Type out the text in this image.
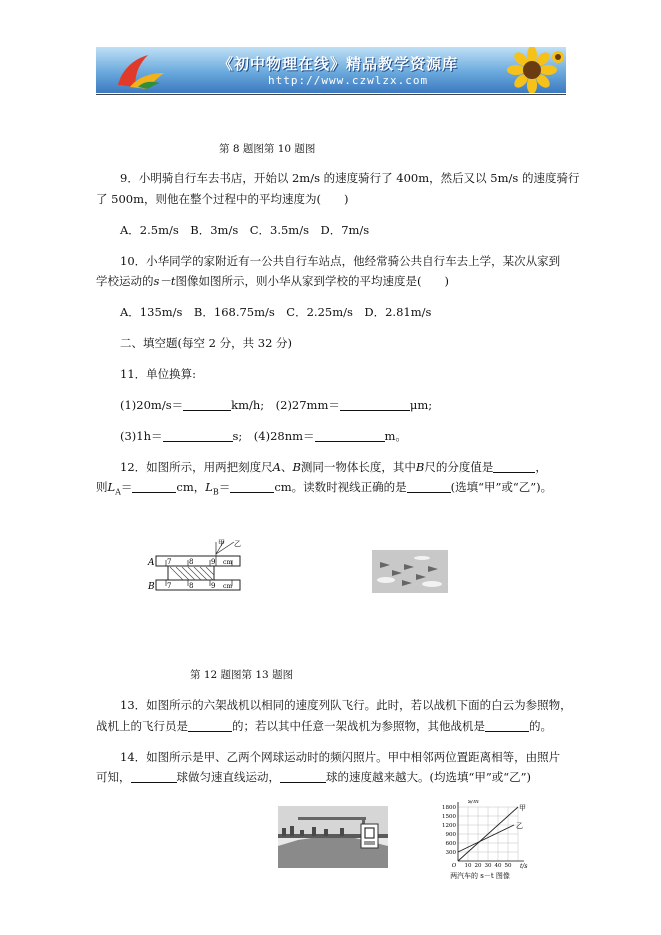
《初中物理在线》精品教学资源库
http://www.czwlzx.com
第 8 题图第 10 题图
9．小明骑自行车去书店，开始以 2m/s 的速度骑行了 400m，然后又以 5m/s 的速度骑行
了 500m，则他在整个过程中的平均速度为(　　)
A．2.5m/s　B．3m/s　C．3.5m/s　D．7m/s
10．小华同学的家附近有一公共自行车站点，他经常骑公共自行车去上学，某次从家到
学校运动的s－t图像如图所示，则小华从家到学校的平均速度是(　　)
A．135m/s　B．168.75m/s　C．2.25m/s　D．2.81m/s
二、填空题(每空 2 分，共 32 分)
11．单位换算:
(1)20m/s＝	km/h;　(2)27mm＝	μm;
(3)1h＝	s;　(4)28nm＝	m。
12．如图所示，用两把刻度尺A、B测同一物体长度，其中B尺的分度值是	，
则$L_A=$	cm，$L_B=$	cm。读数时视线正确的是	(选填“甲”或“乙”)。
A
B
甲 乙
7	8	9 cm
7	8	9 cm
第 12 题图第 13 题图
13．如图所示的六架战机以相同的速度列队飞行。此时，若以战机下面的白云为参照物，
战机上的飞行员是	的；若以其中任意一架战机为参照物，其他战机是	的。
14．如图所示是甲、乙两个网球运动时的频闪照片。甲中相邻两位置距离相等，由照片
可知，	球做匀速直线运动，	球的速度越来越大。(均选填“甲”或“乙”)
s/m
t/s
1800
1500
1200
900
600
300
O 10 20 30 40 50
甲
乙
两汽车的 s－t 图像
